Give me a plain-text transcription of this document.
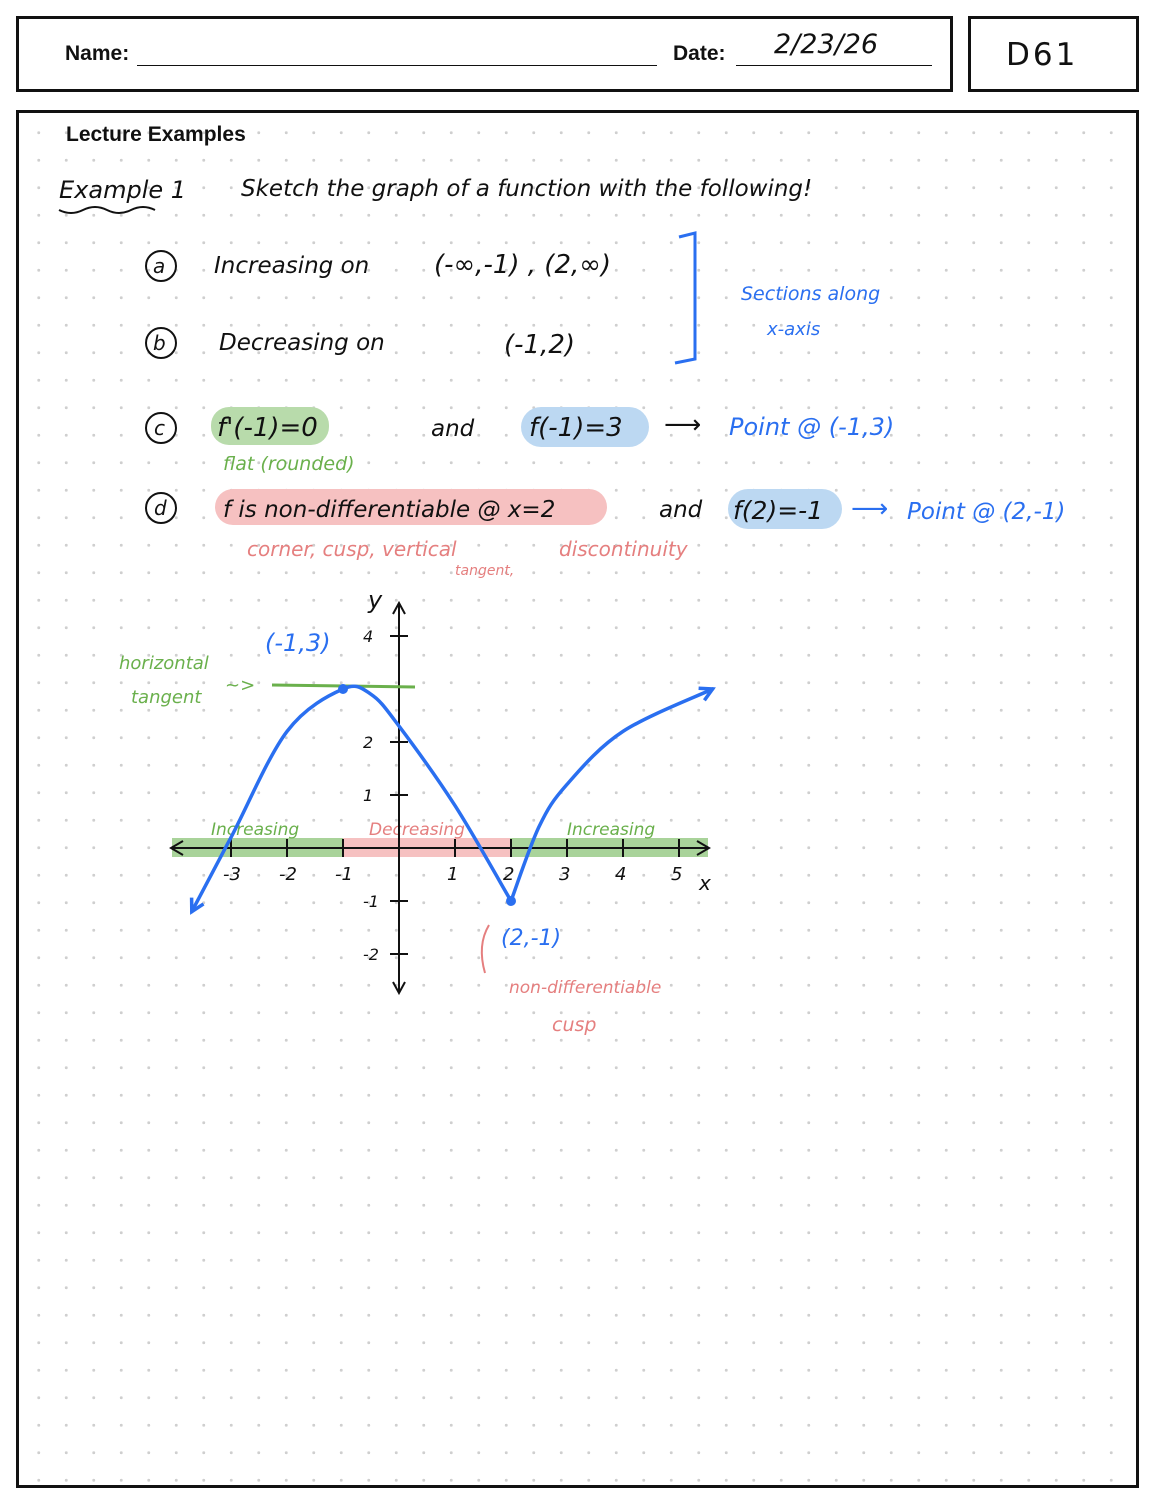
Name:	Date: 2/23/26	D61
Lecture Examples
Example 1 Sketch the graph of a function with the following!
a Increasing on (-∞,-1) , (2,∞)
b Decreasing on	(-1,2)
Sections along
x-axis
c f'(-1)=0	and f(-1)=3 ⟶ Point @ (-1,3)
flat (rounded)
d f is non-differentiable @ x=2	and f(2)=-1 ⟶ Point @ (2,-1)
corner, cusp, vertical
tangent,
discontinuity
Increasing	Decreasing	Increasing
x
y
-3 -2 -1	1 2 3 4 5
4
2
1
-1
-2
horizontal
tangent
~>
(-1,3)
(2,-1)
non-differentiable
cusp
